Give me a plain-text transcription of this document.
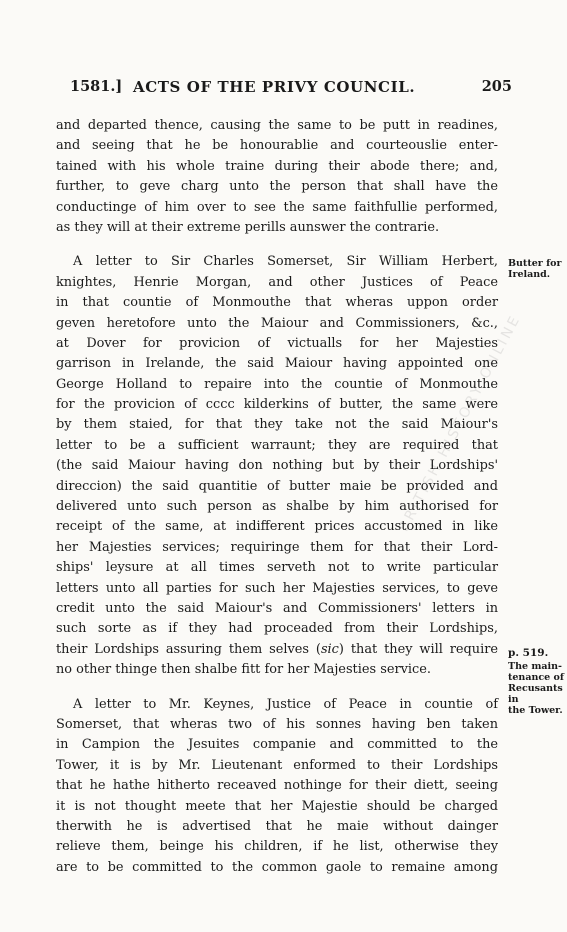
1581.] ACTS OF THE PRIVY COUNCIL.	205
BRITISH HISTORY ONLINE
and departed thence, causing the same to be putt in readines,
and seeing that he be honourablie and courteouslie enter-
tained with his whole traine during their abode there; and,
further, to geve charg unto the person that shall have the
conductinge of him over to see the same faithfullie performed,
as they will at their extreme perills aunswer the contrarie.
A letter to Sir Charles Somerset, Sir William Herbert,
knightes, Henrie Morgan, and other Justices of Peace
in that countie of Monmouthe that wheras uppon order
geven heretofore unto the Maiour and Commissioners, &c.,
at Dover for provicion of victualls for her Majesties
garrison in Irelande, the said Maiour having appointed one
George Holland to repaire into the countie of Monmouthe
for the provicion of cccc kilderkins of butter, the same were
by them staied, for that they take not the said Maiour's
letter to be a sufficient warraunt; they are required that
(the said Maiour having don nothing but by their Lordships'
direccion) the said quantitie of butter maie be provided and
delivered unto such person as shalbe by him authorised for
receipt of the same, at indifferent prices accustomed in like
her Majesties services; requiringe them for that their Lord-
ships' leysure at all times serveth not to write particular
letters unto all parties for such her Majesties services, to geve
credit unto the said Maiour's and Commissioners' letters in
such sorte as if they had proceaded from their Lordships,
their Lordships assuring them selves (sic) that they will require
no other thinge then shalbe fitt for her Majesties service.
A letter to Mr. Keynes, Justice of Peace in countie of
Somerset, that wheras two of his sonnes having ben taken
in Campion the Jesuites companie and committed to the
Tower, it is by Mr. Lieutenant enformed to their Lordships
that he hathe hitherto receaved nothinge for their diett, seeing
it is not thought meete that her Majestie should be charged
therwith he is advertised that he maie without dainger
relieve them, beinge his children, if he list, otherwise they
are to be committed to the common gaole to remaine among
Butter for
Ireland.
p. 519.
The main-
tenance of
Recusants in
the Tower.
